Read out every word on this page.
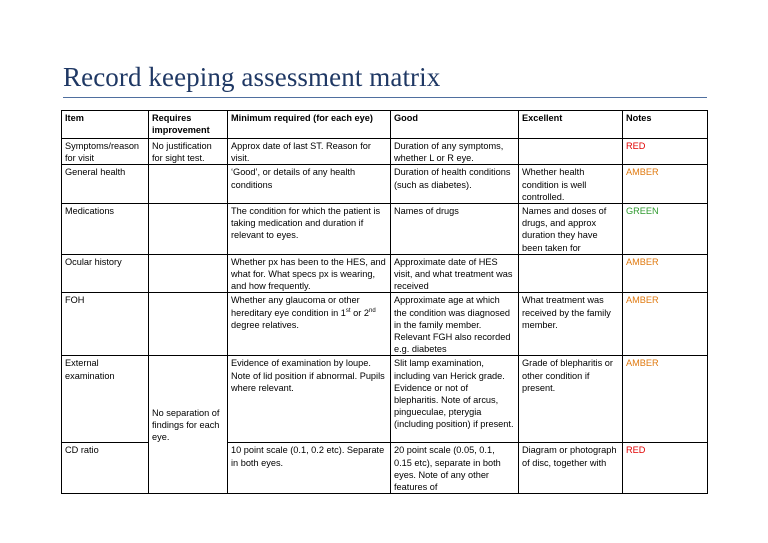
Record keeping assessment matrix
Item	Requires improvement	Minimum required (for each eye)	Good	Excellent	Notes
Symptoms/reason for visit	No justification for sight test.	Approx date of last ST. Reason for visit.	Duration of any symptoms, whether L or R eye.		RED
General health		‘Good’, or details of any health conditions	Duration of health conditions (such as diabetes).	Whether health condition is well controlled.	AMBER
Medications		The condition for which the patient is taking medication and duration if relevant to eyes.	Names of drugs	Names and doses of drugs, and approx duration they have been taken for	GREEN
Ocular history		Whether px has been to the HES, and what for. What specs px is wearing, and how frequently.	Approximate date of HES visit, and what treatment was received		AMBER
FOH		Whether any glaucoma or other hereditary eye condition in 1st or 2nd degree relatives.	Approximate age at which the condition was diagnosed in the family member. Relevant FGH also recorded e.g. diabetes	What treatment was received by the family member.	AMBER
External examination	No separation of findings for each eye.	Evidence of examination by loupe. Note of lid position if abnormal. Pupils where relevant.	Slit lamp examination, including van Herick grade. Evidence or not of blepharitis. Note of arcus, pingueculae, pterygia (including position) if present.	Grade of blepharitis or other condition if present.	AMBER
CD ratio		10 point scale (0.1, 0.2 etc). Separate in both eyes.	20 point scale (0.05, 0.1, 0.15 etc), separate in both eyes. Note of any other features of	Diagram or photograph of disc, together with	RED
